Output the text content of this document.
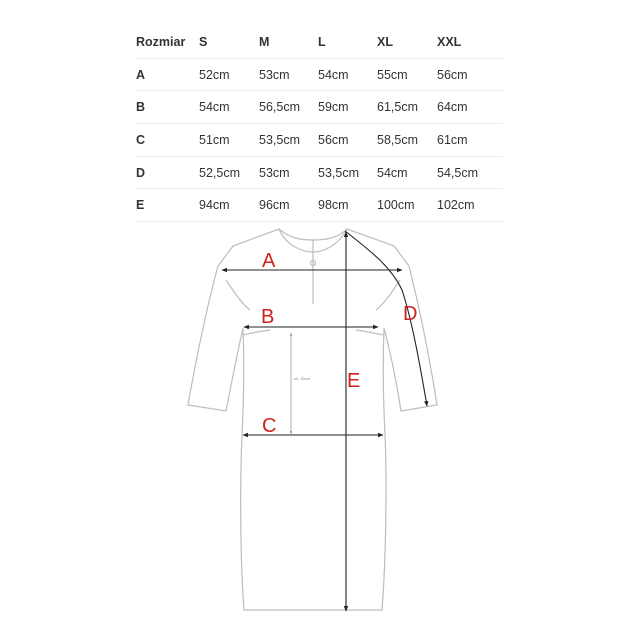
Rozmiar	S	M	L	XL	XXL
A	52cm	53cm	54cm	55cm	56cm
B	54cm	56,5cm	59cm	61,5cm	64cm
C	51cm	53,5cm	56cm	58,5cm	61cm
D	52,5cm	53cm	53,5cm	54cm	54,5cm
E	94cm	96cm	98cm	100cm	102cm
ok. 30cm
A
B
C
D
E
